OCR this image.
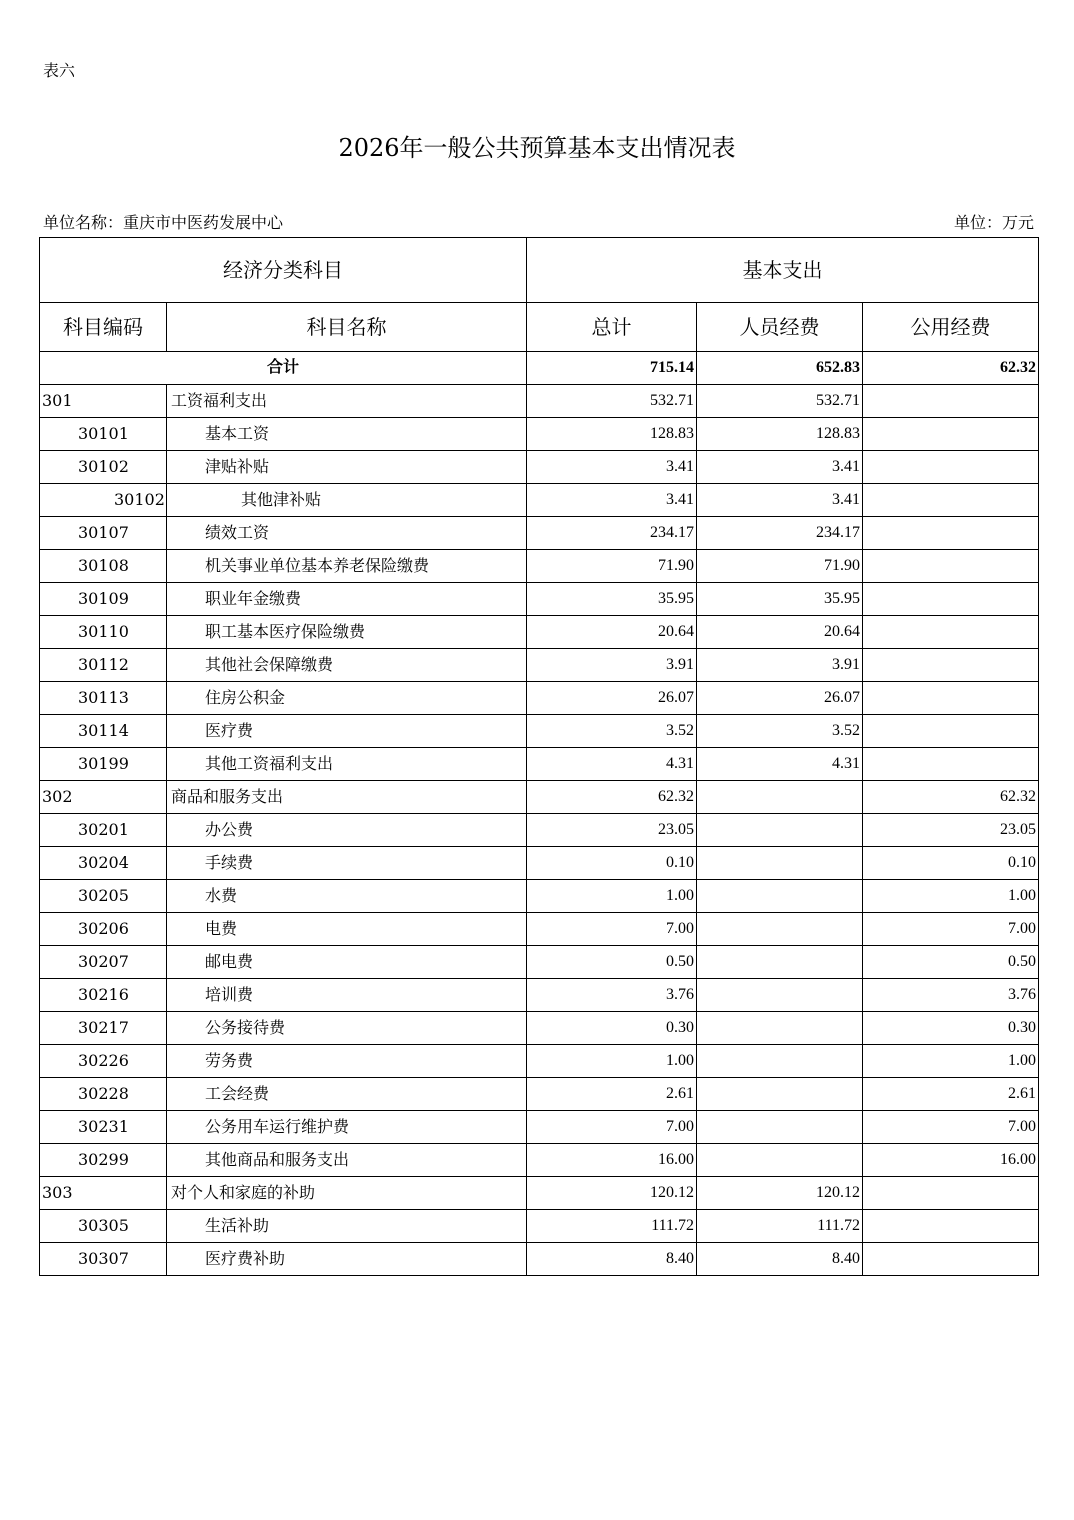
表六
2026年一般公共预算基本支出情况表
单位名称：重庆市中医药发展中心	单位：万元
经济分类科目		基本支出		
科目编码	科目名称	总计	人员经费	公用经费
合计		715.14	652.83	62.32
301	工资福利支出	532.71	532.71	
30101	基本工资	128.83	128.83	
30102	津贴补贴	3.41	3.41	
30102	其他津补贴	3.41	3.41	
30107	绩效工资	234.17	234.17	
30108	机关事业单位基本养老保险缴费	71.90	71.90	
30109	职业年金缴费	35.95	35.95	
30110	职工基本医疗保险缴费	20.64	20.64	
30112	其他社会保障缴费	3.91	3.91	
30113	住房公积金	26.07	26.07	
30114	医疗费	3.52	3.52	
30199	其他工资福利支出	4.31	4.31	
302	商品和服务支出	62.32		62.32
30201	办公费	23.05		23.05
30204	手续费	0.10		0.10
30205	水费	1.00		1.00
30206	电费	7.00		7.00
30207	邮电费	0.50		0.50
30216	培训费	3.76		3.76
30217	公务接待费	0.30		0.30
30226	劳务费	1.00		1.00
30228	工会经费	2.61		2.61
30231	公务用车运行维护费	7.00		7.00
30299	其他商品和服务支出	16.00		16.00
303	对个人和家庭的补助	120.12	120.12	
30305	生活补助	111.72	111.72	
30307	医疗费补助	8.40	8.40	
